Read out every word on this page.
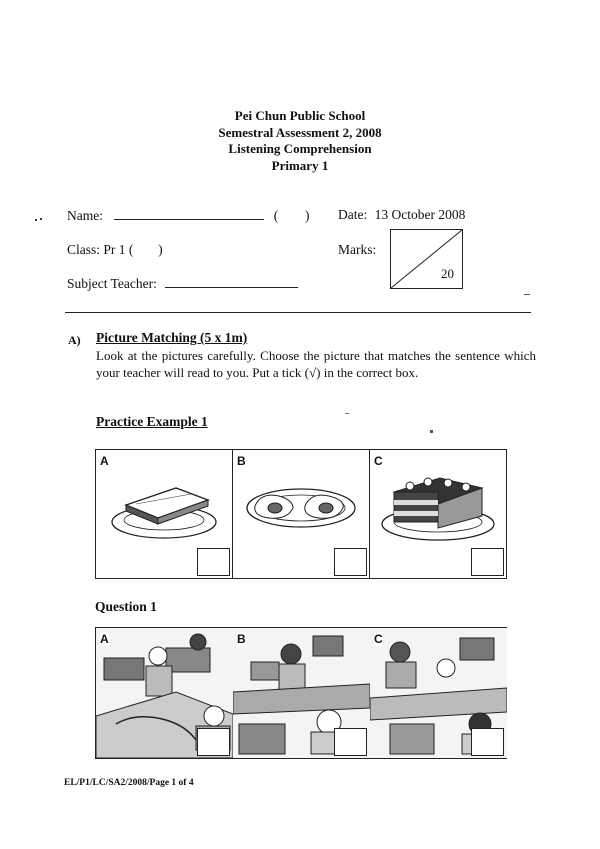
Pei Chun Public School
Semestral Assessment 2, 2008
Listening Comprehension
Primary 1
Name:	( ) Date: 13 October 2008
Class: Pr 1 ( )	Marks:
20
Subject Teacher:
A) Picture Matching (5 x 1m)
Look at the pictures carefully. Choose the picture that matches the sentence which your teacher will read to you. Put a tick (√) in the correct box.
Practice Example 1
A	B	C
Question 1
A	B	C
EL/P1/LC/SA2/2008/Page 1 of 4
